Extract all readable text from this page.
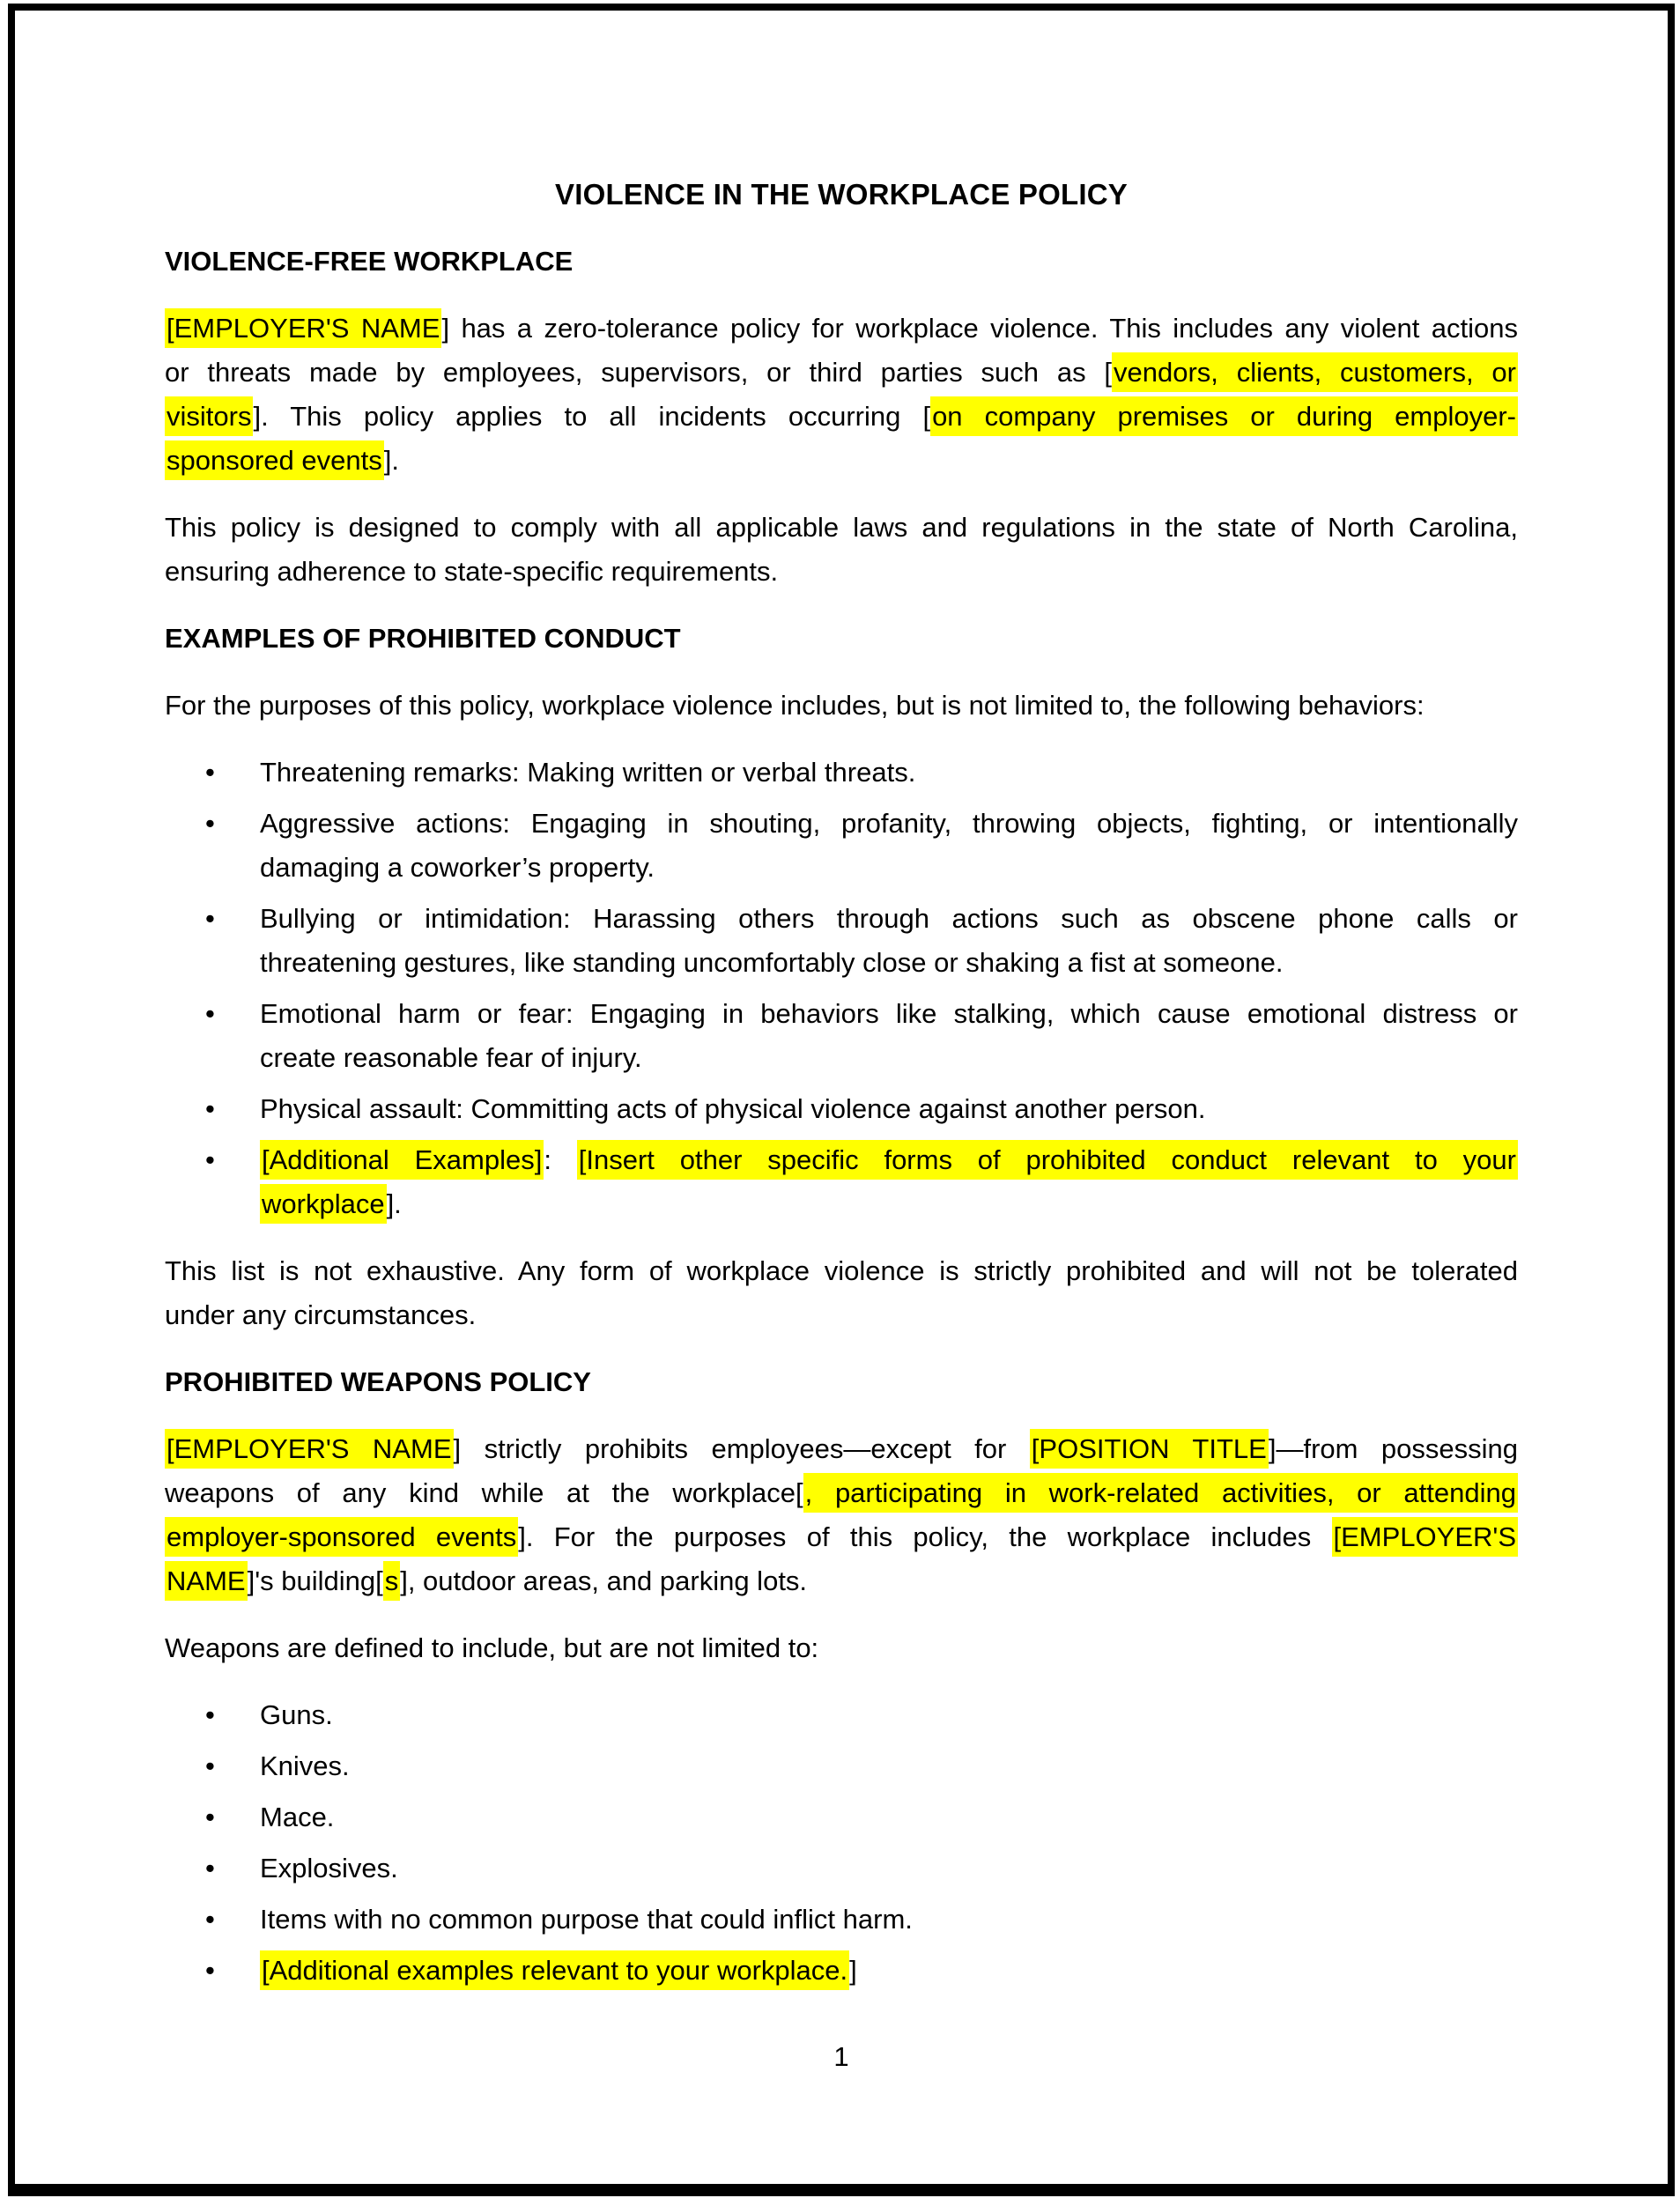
VIOLENCE IN THE WORKPLACE POLICY
VIOLENCE-FREE WORKPLACE
[EMPLOYER'S NAME] has a zero-tolerance policy for workplace violence. This includes any violent actions
or threats made by employees, supervisors, or third parties such as [vendors, clients, customers, or
visitors]. This policy applies to all incidents occurring [on company premises or during employer-
sponsored events].
This policy is designed to comply with all applicable laws and regulations in the state of North Carolina,
ensuring adherence to state-specific requirements.
EXAMPLES OF PROHIBITED CONDUCT
For the purposes of this policy, workplace violence includes, but is not limited to, the following behaviors:
• Threatening remarks: Making written or verbal threats.
• Aggressive actions: Engaging in shouting, profanity, throwing objects, fighting, or intentionally
damaging a coworker’s property.
• Bullying or intimidation: Harassing others through actions such as obscene phone calls or
threatening gestures, like standing uncomfortably close or shaking a fist at someone.
• Emotional harm or fear: Engaging in behaviors like stalking, which cause emotional distress or
create reasonable fear of injury.
• Physical assault: Committing acts of physical violence against another person.
• [Additional Examples]: [Insert other specific forms of prohibited conduct relevant to your
workplace].
This list is not exhaustive. Any form of workplace violence is strictly prohibited and will not be tolerated
under any circumstances.
PROHIBITED WEAPONS POLICY
[EMPLOYER'S NAME] strictly prohibits employees—except for [POSITION TITLE]—from possessing
weapons of any kind while at the workplace[, participating in work-related activities, or attending
employer-sponsored events]. For the purposes of this policy, the workplace includes [EMPLOYER'S
NAME]'s building[s], outdoor areas, and parking lots.
Weapons are defined to include, but are not limited to:
• Guns.
• Knives.
• Mace.
• Explosives.
• Items with no common purpose that could inflict harm.
• [Additional examples relevant to your workplace.]
1
